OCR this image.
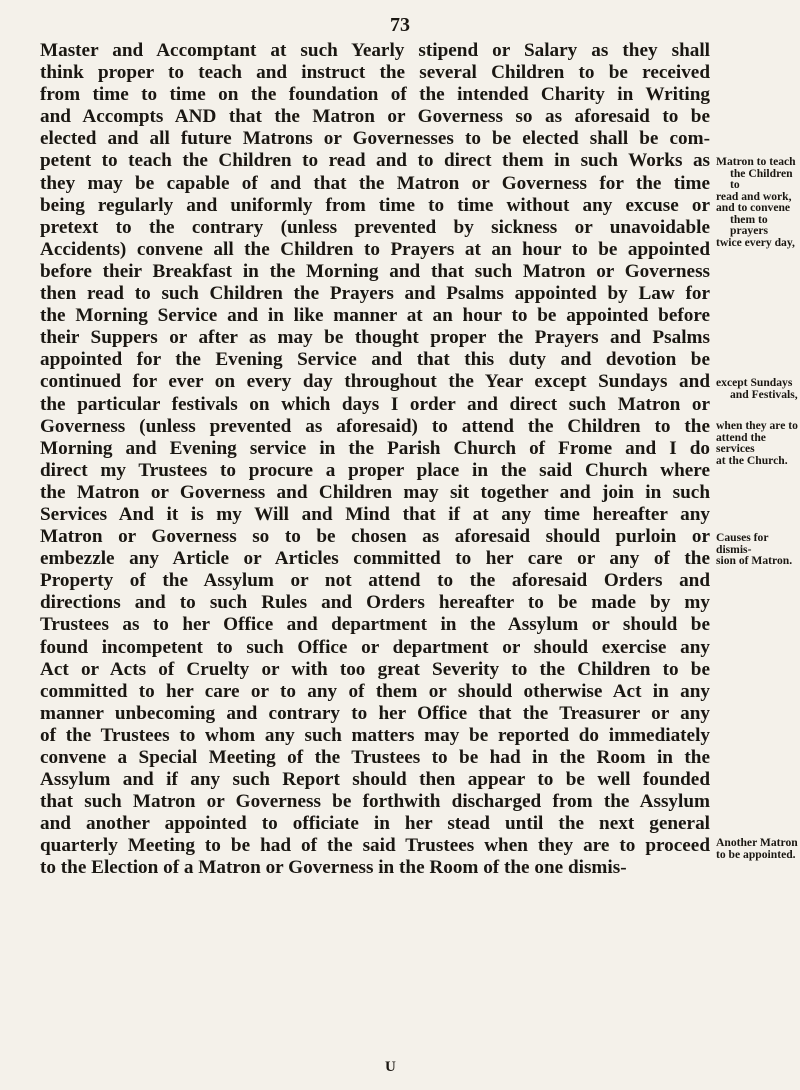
73
Master and Accomptant at such Yearly stipend or Salary as they shall
think proper to teach and instruct the several Children to be received
from time to time on the foundation of the intended Charity in Writing
and Accompts AND that the Matron or Governess so as aforesaid to be
elected and all future Matrons or Governesses to be elected shall be com-
petent to teach the Children to read and to direct them in such Works as
they may be capable of and that the Matron or Governess for the time
being regularly and uniformly from time to time without any excuse or
pretext to the contrary (unless prevented by sickness or unavoidable
Accidents) convene all the Children to Prayers at an hour to be appointed
before their Breakfast in the Morning and that such Matron or Governess
then read to such Children the Prayers and Psalms appointed by Law for
the Morning Service and in like manner at an hour to be appointed before
their Suppers or after as may be thought proper the Prayers and Psalms
appointed for the Evening Service and that this duty and devotion be
continued for ever on every day throughout the Year except Sundays and
the particular festivals on which days I order and direct such Matron or
Governess (unless prevented as aforesaid) to attend the Children to the
Morning and Evening service in the Parish Church of Frome and I do
direct my Trustees to procure a proper place in the said Church where
the Matron or Governess and Children may sit together and join in such
Services And it is my Will and Mind that if at any time hereafter any
Matron or Governess so to be chosen as aforesaid should purloin or
embezzle any Article or Articles committed to her care or any of the
Property of the Assylum or not attend to the aforesaid Orders and
directions and to such Rules and Orders hereafter to be made by my
Trustees as to her Office and department in the Assylum or should be
found incompetent to such Office or department or should exercise any
Act or Acts of Cruelty or with too great Severity to the Children to be
committed to her care or to any of them or should otherwise Act in any
manner unbecoming and contrary to her Office that the Treasurer or any
of the Trustees to whom any such matters may be reported do immediately
convene a Special Meeting of the Trustees to be had in the Room in the
Assylum and if any such Report should then appear to be well founded
that such Matron or Governess be forthwith discharged from the Assylum
and another appointed to officiate in her stead until the next general
quarterly Meeting to be had of the said Trustees when they are to proceed
to the Election of a Matron or Governess in the Room of the one dismis-
Matron to teach
the Children to
read and work,
and to convene
them to prayers
twice every day,
except Sundays
and Festivals,
when they are to
attend the services
at the Church.
Causes for dismis-
sion of Matron.
Another Matron
to be appointed.
U
